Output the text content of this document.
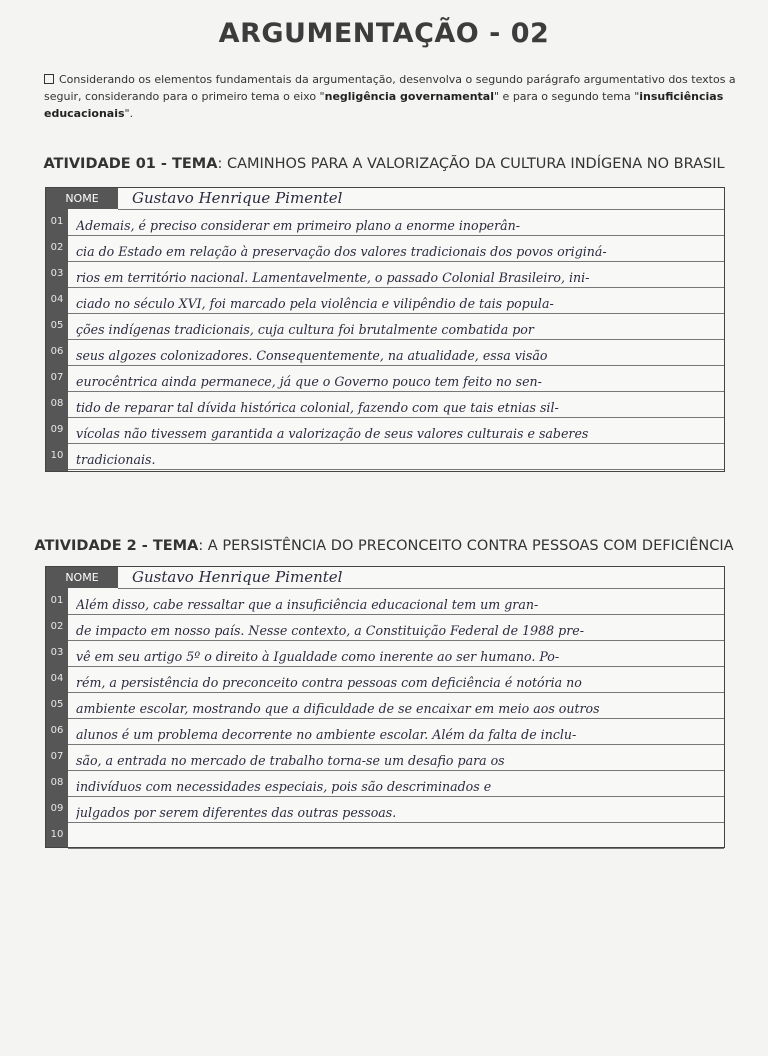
ARGUMENTAÇÃO - 02
Considerando os elementos fundamentais da argumentação, desenvolva o segundo parágrafo argumentativo dos textos a seguir, considerando para o primeiro tema o eixo "negligência governamental" e para o segundo tema "insuficiências educacionais".
ATIVIDADE 01 - TEMA: CAMINHOS PARA A VALORIZAÇÃO DA CULTURA INDÍGENA NO BRASIL
NOME	Gustavo Henrique Pimentel
01	Ademais, é preciso considerar em primeiro plano a enorme inoperân-
02	cia do Estado em relação à preservação dos valores tradicionais dos povos originá-
03	rios em território nacional. Lamentavelmente, o passado Colonial Brasileiro, ini-
04	ciado no século XVI, foi marcado pela violência e vilipêndio de tais popula-
05	ções indígenas tradicionais, cuja cultura foi brutalmente combatida por
06	seus algozes colonizadores. Consequentemente, na atualidade, essa visão
07	eurocêntrica ainda permanece, já que o Governo pouco tem feito no sen-
08	tido de reparar tal dívida histórica colonial, fazendo com que tais etnias sil-
09	vícolas não tivessem garantida a valorização de seus valores culturais e saberes
10	tradicionais.
ATIVIDADE 2 - TEMA: A PERSISTÊNCIA DO PRECONCEITO CONTRA PESSOAS COM DEFICIÊNCIA
NOME	Gustavo Henrique Pimentel
01	Além disso, cabe ressaltar que a insuficiência educacional tem um gran-
02	de impacto em nosso país. Nesse contexto, a Constituição Federal de 1988 pre-
03	vê em seu artigo 5º o direito à Igualdade como inerente ao ser humano. Po-
04	rém, a persistência do preconceito contra pessoas com deficiência é notória no
05	ambiente escolar, mostrando que a dificuldade de se encaixar em meio aos outros
06	alunos é um problema decorrente no ambiente escolar. Além da falta de inclu-
07	são, a entrada no mercado de trabalho torna-se um desafio para os
08	indivíduos com necessidades especiais, pois são descriminados e
09	julgados por serem diferentes das outras pessoas.
10
